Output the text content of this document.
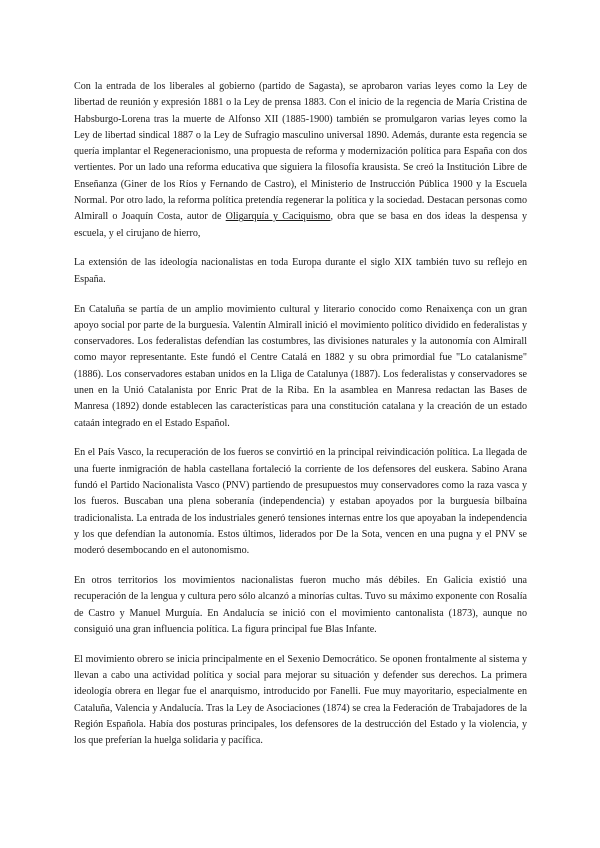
Con la entrada de los liberales al gobierno (partido de Sagasta), se aprobaron varias leyes como la Ley de libertad de reunión y expresión 1881 o la Ley de prensa 1883. Con el inicio de la regencia de María Cristina de Habsburgo-Lorena tras la muerte de Alfonso XII (1885-1900) también se promulgaron varias leyes como la Ley de libertad sindical 1887 o la Ley de Sufragio masculino universal 1890. Además, durante esta regencia se quería implantar el Regeneracionismo, una propuesta de reforma y modernización política para España con dos vertientes. Por un lado una reforma educativa que siguiera la filosofía krausista. Se creó la Institución Libre de Enseñanza (Giner de los Ríos y Fernando de Castro), el Ministerio de Instrucción Pública 1900 y la Escuela Normal. Por otro lado, la reforma política pretendía regenerar la política y la sociedad. Destacan personas como Almirall o Joaquín Costa, autor de Oligarquía y Caciquismo, obra que se basa en dos ideas la despensa y escuela, y el cirujano de hierro,

La extensión de las ideología nacionalistas en toda Europa durante el siglo XIX también tuvo su reflejo en España.

En Cataluña se partía de un amplio movimiento cultural y literario conocido como Renaixença con un gran apoyo social por parte de la burguesía. Valentín Almirall inició el movimiento político dividido en federalistas y conservadores. Los federalistas defendían las costumbres, las divisiones naturales y la autonomía con Almirall como mayor representante. Este fundó el Centre Catalá en 1882 y su obra primordial fue "Lo catalanisme" (1886). Los conservadores estaban unidos en la Lliga de Catalunya (1887). Los federalistas y conservadores se unen en la Unió Catalanista por Enric Prat de la Riba. En la asamblea en Manresa redactan las Bases de Manresa (1892) donde establecen las características para una constitución catalana y la creación de un estado cataán integrado en el Estado Español.

En el País Vasco, la recuperación de los fueros se convirtió en la principal reivindicación política. La llegada de una fuerte inmigración de habla castellana fortaleció la corriente de los defensores del euskera. Sabino Arana fundó el Partido Nacionalista Vasco (PNV) partiendo de presupuestos muy conservadores como la raza vasca y los fueros. Buscaban una plena soberanía (independencia) y estaban apoyados por la burguesía bilbaína tradicionalista. La entrada de los industriales generó tensiones internas entre los que apoyaban la independencia y los que defendían la autonomía. Estos últimos, liderados por De la Sota, vencen en una pugna y el PNV se moderó desembocando en el autonomismo.

En otros territorios los movimientos nacionalistas fueron mucho más débiles. En Galicia existió una recuperación de la lengua y cultura pero sólo alcanzó a minorías cultas. Tuvo su máximo exponente con Rosalía de Castro y Manuel Murguía. En Andalucía se inició con el movimiento cantonalista (1873), aunque no consiguió una gran influencia política. La figura principal fue Blas Infante.

El movimiento obrero se inicia principalmente en el Sexenio Democrático. Se oponen frontalmente al sistema y llevan a cabo una actividad política y social para mejorar su situación y defender sus derechos. La primera ideología obrera en llegar fue el anarquismo, introducido por Fanelli. Fue muy mayoritario, especialmente en Cataluña, Valencia y Andalucía. Tras la Ley de Asociaciones (1874) se crea la Federación de Trabajadores de la Región Española. Había dos posturas principales, los defensores de la destrucción del Estado y la violencia, y los que preferían la huelga solidaria y pacífica.
